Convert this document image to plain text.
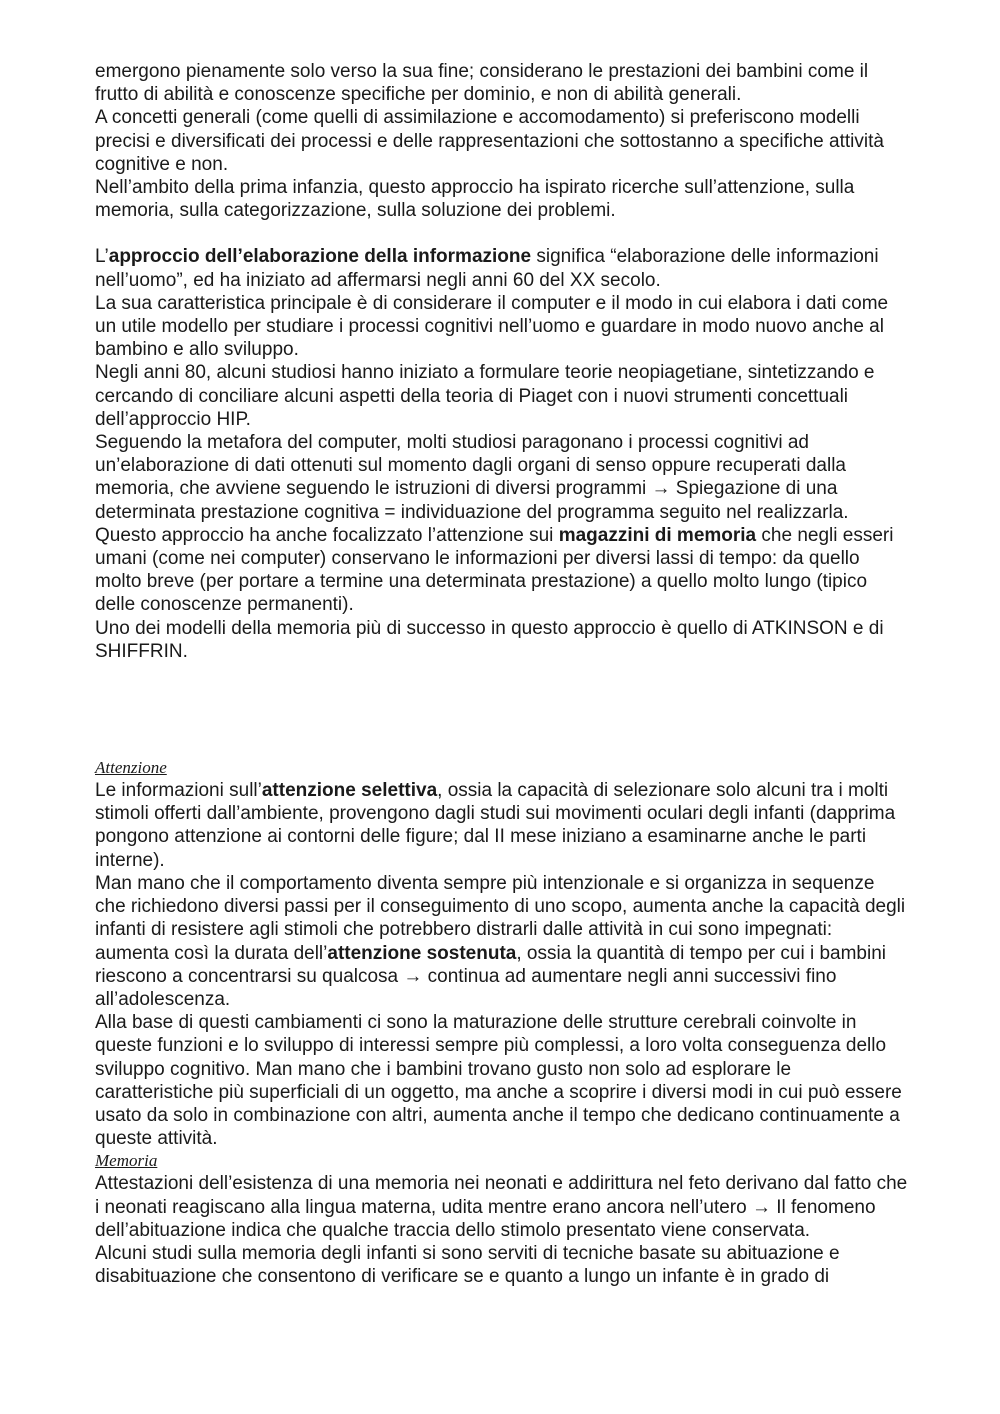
emergono pienamente solo verso la sua fine; considerano le prestazioni dei bambini come il frutto di abilità e conoscenze specifiche per dominio, e non di abilità generali.

A concetti generali (come quelli di assimilazione e accomodamento) si preferiscono modelli precisi e diversificati dei processi e delle rappresentazioni che sottostanno a specifiche attività cognitive e non.

Nell’ambito della prima infanzia, questo approccio ha ispirato ricerche sull’attenzione, sulla memoria, sulla categorizzazione, sulla soluzione dei problemi.

L’approccio dell’elaborazione della informazione significa “elaborazione delle informazioni nell’uomo”, ed ha iniziato ad affermarsi negli anni 60 del XX secolo.

La sua caratteristica principale è di considerare il computer e il modo in cui elabora i dati come un utile modello per studiare i processi cognitivi nell’uomo e guardare in modo nuovo anche al bambino e allo sviluppo.

Negli anni 80, alcuni studiosi hanno iniziato a formulare teorie neopiagetiane, sintetizzando e cercando di conciliare alcuni aspetti della teoria di Piaget con i nuovi strumenti concettuali dell’approccio HIP.

Seguendo la metafora del computer, molti studiosi paragonano i processi cognitivi ad un’elaborazione di dati ottenuti sul momento dagli organi di senso oppure recuperati dalla memoria, che avviene seguendo le istruzioni di diversi programmi → Spiegazione di una determinata prestazione cognitiva = individuazione del programma seguito nel realizzarla.

Questo approccio ha anche focalizzato l’attenzione sui magazzini di memoria che negli esseri umani (come nei computer) conservano le informazioni per diversi lassi di tempo: da quello molto breve (per portare a termine una determinata prestazione) a quello molto lungo (tipico delle conoscenze permanenti).

Uno dei modelli della memoria più di successo in questo approccio è quello di ATKINSON e di SHIFFRIN.

Attenzione

Le informazioni sull’attenzione selettiva, ossia la capacità di selezionare solo alcuni tra i molti stimoli offerti dall’ambiente, provengono dagli studi sui movimenti oculari degli infanti (dapprima pongono attenzione ai contorni delle figure; dal II mese iniziano a esaminarne anche le parti interne).

Man mano che il comportamento diventa sempre più intenzionale e si organizza in sequenze che richiedono diversi passi per il conseguimento di uno scopo, aumenta anche la capacità degli infanti di resistere agli stimoli che potrebbero distrarli dalle attività in cui sono impegnati: aumenta così la durata dell’attenzione sostenuta, ossia la quantità di tempo per cui i bambini riescono a concentrarsi su qualcosa → continua ad aumentare negli anni successivi fino all’adolescenza.

Alla base di questi cambiamenti ci sono la maturazione delle strutture cerebrali coinvolte in queste funzioni e lo sviluppo di interessi sempre più complessi, a loro volta conseguenza dello sviluppo cognitivo. Man mano che i bambini trovano gusto non solo ad esplorare le caratteristiche più superficiali di un oggetto, ma anche a scoprire i diversi modi in cui può essere usato da solo in combinazione con altri, aumenta anche il tempo che dedicano continuamente a queste attività.

Memoria

Attestazioni dell’esistenza di una memoria nei neonati e addirittura nel feto derivano dal fatto che i neonati reagiscano alla lingua materna, udita mentre erano ancora nell’utero → Il fenomeno dell’abituazione indica che qualche traccia dello stimolo presentato viene conservata.

Alcuni studi sulla memoria degli infanti si sono serviti di tecniche basate su abituazione e disabituazione che consentono di verificare se e quanto a lungo un infante è in grado di
